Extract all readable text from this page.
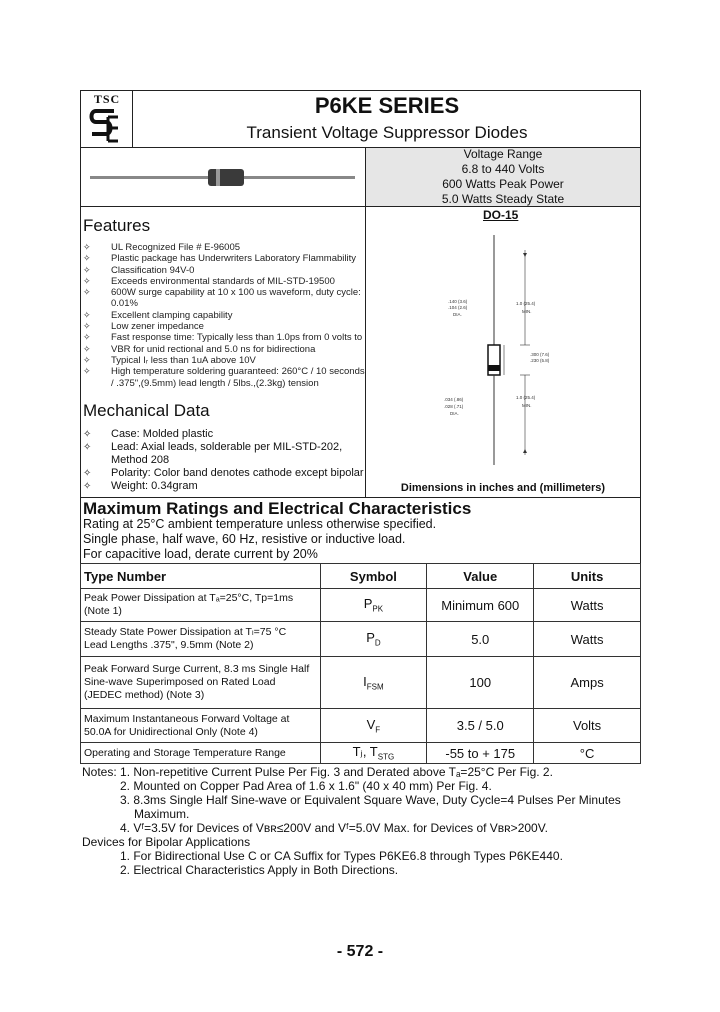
TSC	P6KE SERIES
Transient Voltage Suppressor Diodes
Voltage Range
6.8 to 440 Volts
600 Watts Peak Power
5.0 Watts Steady State
Features
✧ UL Recognized File # E-96005
✧ Plastic package has Underwriters Laboratory Flammability
✧ Classification 94V-0
✧ Exceeds environmental standards of MIL-STD-19500
✧ 600W surge capability at 10 x 100 us waveform, duty cycle: 0.01%
✧ Excellent clamping capability
✧ Low zener impedance
✧ Fast response time: Typically less than 1.0ps from 0 volts to
✧ VBR for unid rectional and 5.0 ns for bidirectiona
✧ Typical Iᵣ less than 1uA above 10V
✧ High temperature soldering guaranteed: 260°C / 10 seconds / .375",(9.5mm) lead length / 5lbs.,(2.3kg) tension
Mechanical Data
✧ Case: Molded plastic
✧ Lead: Axial leads, solderable per MIL-STD-202, Method 208
✧ Polarity: Color band denotes cathode except bipolar
✧ Weight: 0.34gram
DO-15
.140 (3.6)
.104 (2.6)
DIA.
1.0 (25.4)
MIN.
.300 (7.6)
.230 (5.8)
.034 (.86)
.028 (.71)
DIA.
1.0 (25.4)
MIN.
Dimensions in inches and (millimeters)
Maximum Ratings and Electrical Characteristics
Rating at 25°C ambient temperature unless otherwise specified.
Single phase, half wave, 60 Hz, resistive or inductive load.
For capacitive load, derate current by 20%
Type Number	Symbol	Value	Units

Peak Power Dissipation at Tₐ=25°C, Tp=1ms
(Note 1)	$P_{PK}$	Minimum 600	Watts

Steady State Power Dissipation at Tₗ=75 °C
Lead Lengths .375", 9.5mm (Note 2)	$P_D$	5.0	Watts

Peak Forward Surge Current, 8.3 ms Single Half
Sine-wave Superimposed on Rated Load
(JEDEC method) (Note 3)	$I_{FSM}$	100	Amps

Maximum Instantaneous Forward Voltage at
50.0A for Unidirectional Only (Note 4)	$V_F$	3.5 / 5.0	Volts

Operating and Storage Temperature Range	Tⱼ, $T_{STG}$	-55 to + 175	°C
Notes: 1. Non-repetitive Current Pulse Per Fig. 3 and Derated above Tₐ=25°C Per Fig. 2.
2. Mounted on Copper Pad Area of 1.6 x 1.6" (40 x 40 mm) Per Fig. 4.
3. 8.3ms Single Half Sine-wave or Equivalent Square Wave, Duty Cycle=4 Pulses Per Minutes
Maximum.
4. Vᶠ=3.5V for Devices of Vʙʀ≤200V and Vᶠ=5.0V Max. for Devices of Vʙʀ>200V.
Devices for Bipolar Applications
1. For Bidirectional Use C or CA Suffix for Types P6KE6.8 through Types P6KE440.
2. Electrical Characteristics Apply in Both Directions.
- 572 -
